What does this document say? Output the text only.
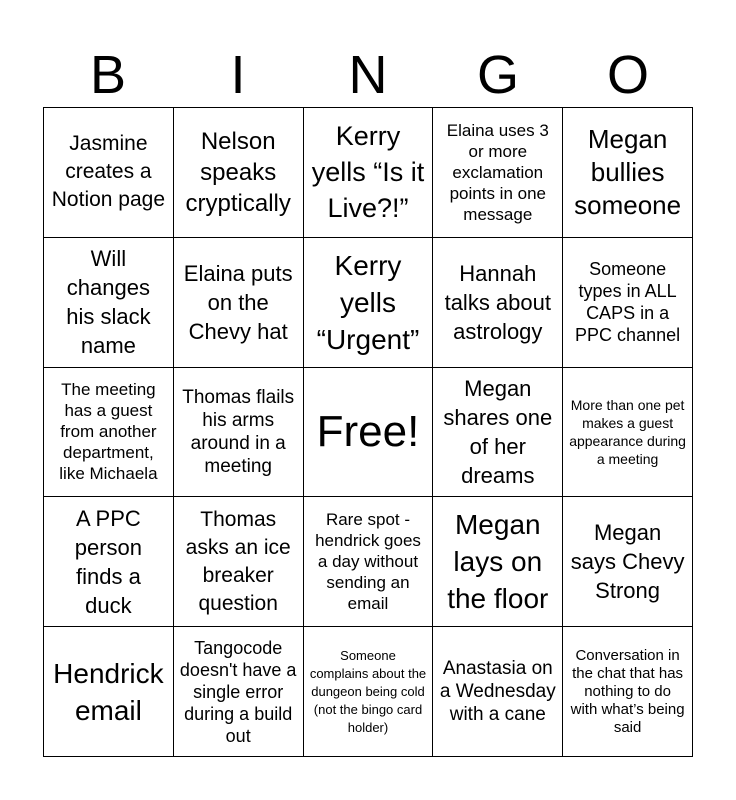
B	I	N	G	O
Jasmine creates a Notion page
Nelson speaks cryptically
Kerry yells “Is it Live?!”
Elaina uses 3 or more exclamation points in one message
Megan bullies someone
Will changes his slack name
Elaina puts on the Chevy hat
Kerry yells “Urgent”
Hannah talks about astrology
Someone types in ALL CAPS in a PPC channel
The meeting has a guest from another department, like Michaela
Thomas flails his arms around in a meeting
Free!
Megan shares one of her dreams
More than one pet makes a guest appearance during a meeting
A PPC person finds a duck
Thomas asks an ice breaker question
Rare spot - hendrick goes a day without sending an email
Megan lays on the floor
Megan says Chevy Strong
Hendrick email
Tangocode doesn't have a single error during a build out
Someone complains about the dungeon being cold (not the bingo card holder)
Anastasia on a Wednesday with a cane
Conversation in the chat that has nothing to do with what’s being said
